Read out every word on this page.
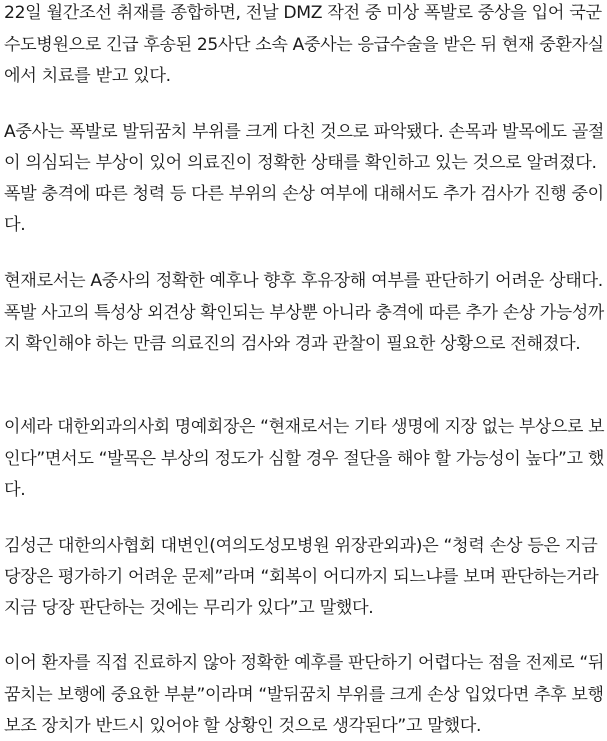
22일 월간조선 취재를 종합하면, 전날 DMZ 작전 중 미상 폭발로 중상을 입어 국군
수도병원으로 긴급 후송된 25사단 소속 A중사는 응급수술을 받은 뒤 현재 중환자실
에서 치료를 받고 있다.
A중사는 폭발로 발뒤꿈치 부위를 크게 다친 것으로 파악됐다. 손목과 발목에도 골절
이 의심되는 부상이 있어 의료진이 정확한 상태를 확인하고 있는 것으로 알려졌다.
폭발 충격에 따른 청력 등 다른 부위의 손상 여부에 대해서도 추가 검사가 진행 중이
다.
현재로서는 A중사의 정확한 예후나 향후 후유장해 여부를 판단하기 어려운 상태다.
폭발 사고의 특성상 외견상 확인되는 부상뿐 아니라 충격에 따른 추가 손상 가능성까
지 확인해야 하는 만큼 의료진의 검사와 경과 관찰이 필요한 상황으로 전해졌다.
이세라 대한외과의사회 명예회장은 “현재로서는 기타 생명에 지장 없는 부상으로 보
인다”면서도 “발목은 부상의 정도가 심할 경우 절단을 해야 할 가능성이 높다”고 했
다.
김성근 대한의사협회 대변인(여의도성모병원 위장관외과)은 “청력 손상 등은 지금
당장은 평가하기 어려운 문제”라며 “회복이 어디까지 되느냐를 보며 판단하는거라
지금 당장 판단하는 것에는 무리가 있다”고 말했다.
이어 환자를 직접 진료하지 않아 정확한 예후를 판단하기 어렵다는 점을 전제로 “뒤
꿈치는 보행에 중요한 부분”이라며 “발뒤꿈치 부위를 크게 손상 입었다면 추후 보행
보조 장치가 반드시 있어야 할 상황인 것으로 생각된다”고 말했다.
